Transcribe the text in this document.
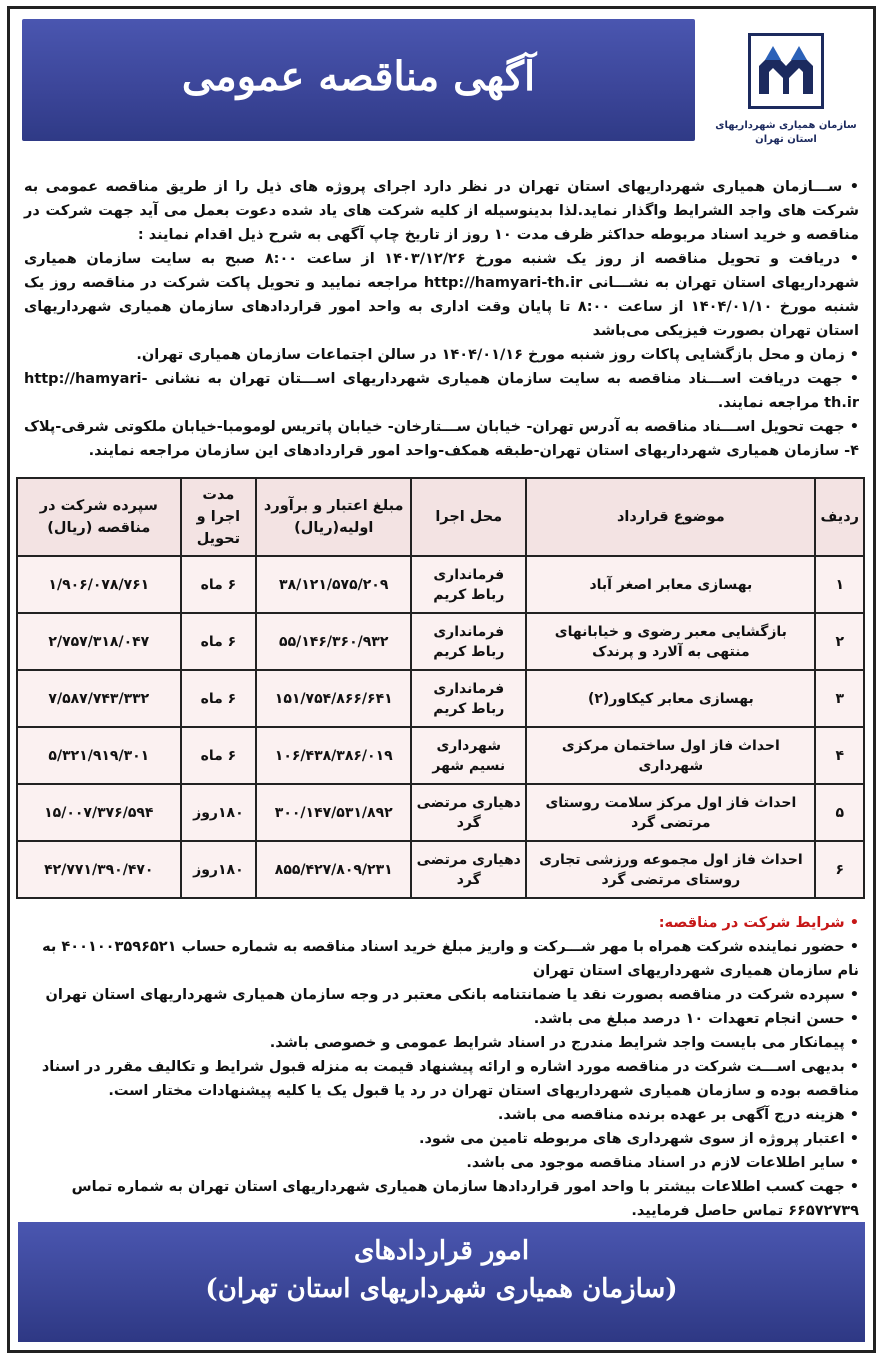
سازمان همیاری شهرداریهای استان تهران
آگهی مناقصه عمومی

• ســـازمان همیاری شهرداریهای استان تهران در نظر دارد اجرای پروژه های ذیل را از طریق مناقصه عمومی به شرکت های واجد الشرایط واگذار نماید.لذا بدینوسیله از کلیه شرکت های یاد شده دعوت بعمل می آید جهت شرکت در مناقصه و خرید اسناد مربوطه حداکثر ظرف مدت ۱۰ روز از تاریخ چاپ آگهی به شرح ذیل اقدام نمایند :

• دریافت و تحویل مناقصه از روز یک شنبه مورخ ۱۴۰۳/۱۲/۲۶ از ساعت ۸:۰۰ صبح به سایت سازمان همیاری شهرداریهای استان تهران به نشـــانی http://hamyari-th.ir مراجعه نمایید و تحویل پاکت شرکت در مناقصه روز یک شنبه مورخ ۱۴۰۴/۰۱/۱۰ از ساعت ۸:۰۰ تا پایان وقت اداری به واحد امور قراردادهای سازمان همیاری شهرداریهای استان تهران بصورت فیزیکی می‌باشد

• زمان و محل بازگشایی پاکات روز شنبه مورخ ۱۴۰۴/۰۱/۱۶ در سالن اجتماعات سازمان همیاری تهران.

• جهت دریافت اســـناد مناقصه به سایت سازمان همیاری شهرداریهای اســـتان تهران به نشانی http://hamyari-th.ir مراجعه نمایند.

• جهت تحویل اســـناد مناقصه به آدرس تهران- خیابان ســـتارخان- خیابان پاتریس لومومبا-خیابان ملکوتی شرقی-پلاک ۴- سازمان همیاری شهرداریهای استان تهران-طبقه همکف-واحد امور قراردادهای این سازمان مراجعه نمایند.

ردیف	موضوع قرارداد	محل اجرا	مبلغ اعتبار و برآورد اولیه(ریال)	مدت اجرا و تحویل	سپرده شرکت در مناقصه (ریال)
۱	بهسازی معابر اصغر آباد	فرمانداری رباط کریم	۳۸/۱۲۱/۵۷۵/۲۰۹	۶ ماه	۱/۹۰۶/۰۷۸/۷۶۱
۲	بازگشایی معبر رضوی و خیابانهای منتهی به آلارد و پرندک	فرمانداری رباط کریم	۵۵/۱۴۶/۳۶۰/۹۳۲	۶ ماه	۲/۷۵۷/۳۱۸/۰۴۷
۳	بهسازی معابر کیکاور(۲)	فرمانداری رباط کریم	۱۵۱/۷۵۴/۸۶۶/۶۴۱	۶ ماه	۷/۵۸۷/۷۴۳/۳۳۲
۴	احداث فاز اول ساختمان مرکزی شهرداری	شهرداری نسیم شهر	۱۰۶/۴۳۸/۳۸۶/۰۱۹	۶ ماه	۵/۳۲۱/۹۱۹/۳۰۱
۵	احداث فاز اول مرکز سلامت روستای مرتضی گرد	دهیاری مرتضی گرد	۳۰۰/۱۴۷/۵۳۱/۸۹۲	۱۸۰روز	۱۵/۰۰۷/۳۷۶/۵۹۴
۶	احداث فاز اول مجموعه ورزشی تجاری روستای مرتضی گرد	دهیاری مرتضی گرد	۸۵۵/۴۲۷/۸۰۹/۲۳۱	۱۸۰روز	۴۲/۷۷۱/۳۹۰/۴۷۰

• شرایط شرکت در مناقصه:

• حضور نماینده شرکت همراه با مهر شـــرکت و واریز مبلغ خرید اسناد مناقصه به شماره حساب ۴۰۰۱۰۰۳۵۹۶۵۲۱ به نام سازمان همیاری شهرداریهای استان تهران

• سپرده شرکت در مناقصه بصورت نقد یا ضمانتنامه بانکی معتبر در وجه سازمان همیاری شهرداریهای استان تهران

• حسن انجام تعهدات ۱۰ درصد مبلغ می باشد.

• پیمانکار می بایست واجد شرایط مندرج در اسناد شرایط عمومی و خصوصی باشد.

• بدیهی اســـت شرکت در مناقصه مورد اشاره و ارائه پیشنهاد قیمت به منزله قبول شرایط و تکالیف مقرر در اسناد مناقصه بوده و سازمان همیاری شهرداریهای استان تهران در رد یا قبول یک یا کلیه پیشنهادات مختار است.

• هزینه درج آگهی بر عهده برنده مناقصه می باشد.

• اعتبار پروژه از سوی شهرداری های مربوطه تامین می شود.

• سایر اطلاعات لازم در اسناد مناقصه موجود می باشد.

• جهت کسب اطلاعات بیشتر با واحد امور قراردادها سازمان همیاری شهرداریهای استان تهران به شماره تماس ۶۶۵۷۲۷۳۹ تماس حاصل فرمایید.

امور قراردادهای
(سازمان همیاری شهرداریهای استان تهران)
